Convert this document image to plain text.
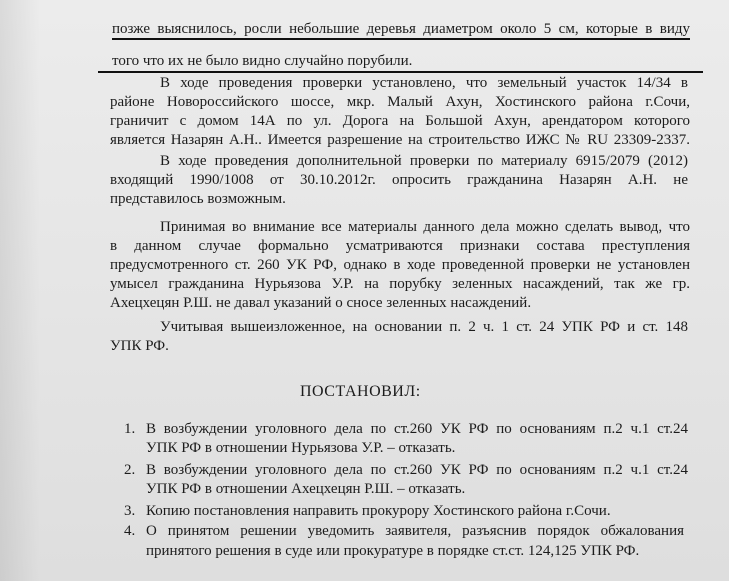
позже выяснилось, росли небольшие деревья диаметром около 5 см, которые в виду
того что их не было видно случайно порубили.
В ходе проведения проверки установлено, что земельный участок 14/34 в
районе Новороссийского шоссе, мкр. Малый Ахун, Хостинского района г.Сочи,
граничит с домом 14А по ул. Дорога на Большой Ахун, арендатором которого
является Назарян А.Н.. Имеется разрешение на строительство ИЖС № RU 23309-2337.
В ходе проведения дополнительной проверки по материалу 6915/2079 (2012)
входящий 1990/1008 от 30.10.2012г. опросить гражданина Назарян А.Н. не
представилось возможным.
Принимая во внимание все материалы данного дела можно сделать вывод, что
в данном случае формально усматриваются признаки состава преступления
предусмотренного ст. 260 УК РФ, однако в ходе проведенной проверки не установлен
умысел гражданина Нурьязова У.Р. на порубку зеленных насаждений, так же гр.
Ахецхецян Р.Ш. не давал указаний о сносе зеленных насаждений.
Учитывая вышеизложенное, на основании п. 2 ч. 1 ст. 24 УПК РФ и ст. 148
УПК РФ.
ПОСТАНОВИЛ:
1. В возбуждении уголовного дела по ст.260 УК РФ по основаниям п.2 ч.1 ст.24
УПК РФ в отношении Нурьязова У.Р. – отказать.
2. В возбуждении уголовного дела по ст.260 УК РФ по основаниям п.2 ч.1 ст.24
УПК РФ в отношении Ахецхецян Р.Ш. – отказать.
3. Копию постановления направить прокурору Хостинского района г.Сочи.
4. О принятом решении уведомить заявителя, разъяснив порядок обжалования
принятого решения в суде или прокуратуре в порядке ст.ст. 124,125 УПК РФ.
